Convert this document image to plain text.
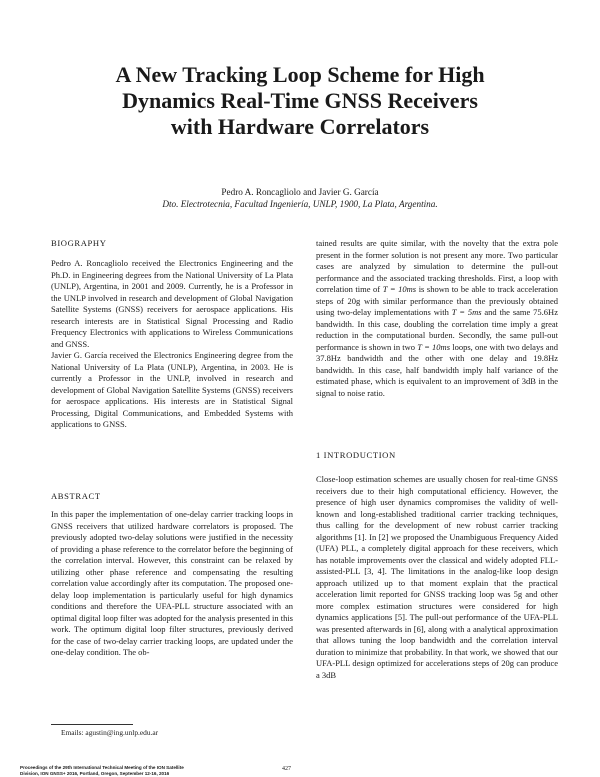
A New Tracking Loop Scheme for High
Dynamics Real-Time GNSS Receivers
with Hardware Correlators
Pedro A. Roncagliolo and Javier G. García
Dto. Electrotecnia, Facultad Ingeniería, UNLP, 1900, La Plata, Argentina.
BIOGRAPHY

Pedro A. Roncagliolo received the Electronics Engineering and the Ph.D. in Engineering degrees from the National University of La Plata (UNLP), Argentina, in 2001 and 2009. Currently, he is a Professor in the UNLP involved in research and development of Global Navigation Satellite Systems (GNSS) receivers for aerospace applications. His research interests are in Statistical Signal Processing and Radio Frequency Electronics with applications to Wireless Communications and GNSS.

Javier G. García received the Electronics Engineering degree from the National University of La Plata (UNLP), Argentina, in 2003. He is currently a Professor in the UNLP, involved in research and development of Global Navigation Satellite Systems (GNSS) receivers for aerospace applications. His interests are in Statistical Signal Processing, Digital Communications, and Embedded Systems with applications to GNSS.

ABSTRACT

In this paper the implementation of one-delay carrier tracking loops in GNSS receivers that utilized hardware correlators is proposed. The previously adopted two-delay solutions were justified in the necessity of providing a phase reference to the correlator before the beginning of the correlation interval. However, this constraint can be relaxed by utilizing other phase reference and compensating the resulting correlation value accordingly after its computation. The proposed one-delay loop implementation is particularly useful for high dynamics conditions and therefore the UFA-PLL structure associated with an optimal digital loop filter was adopted for the analysis presented in this work. The optimum digital loop filter structures, previously derived for the case of two-delay carrier tracking loops, are updated under the one-delay condition. The ob-

Emails: agustin@ing.unlp.edu.ar

tained results are quite similar, with the novelty that the extra pole present in the former solution is not present any more. Two particular cases are analyzed by simulation to determine the pull-out performance and the associated tracking thresholds. First, a loop with correlation time of T = 10ms is shown to be able to track acceleration steps of 20g with similar performance than the previously obtained using two-delay implementations with T = 5ms and the same 75.6Hz bandwidth. In this case, doubling the correlation time imply a great reduction in the computational burden. Secondly, the same pull-out performance is shown in two T = 10ms loops, one with two delays and 37.8Hz bandwidth and the other with one delay and 19.8Hz bandwidth. In this case, half bandwidth imply half variance of the estimated phase, which is equivalent to an improvement of 3dB in the signal to noise ratio.

1 INTRODUCTION

Close-loop estimation schemes are usually chosen for real-time GNSS receivers due to their high computational efficiency. However, the presence of high user dynamics compromises the validity of well-known and long-established traditional carrier tracking techniques, thus calling for the development of new robust carrier tracking algorithms [1]. In [2] we proposed the Unambiguous Frequency Aided (UFA) PLL, a completely digital approach for these receivers, which has notable improvements over the classical and widely adopted FLL-assisted-PLL [3, 4]. The limitations in the analog-like loop design approach utilized up to that moment explain that the practical acceleration limit reported for GNSS tracking loop was 5g and other more complex estimation structures were considered for high dynamics applications [5]. The pull-out performance of the UFA-PLL was presented afterwards in [6], along with a analytical approximation that allows tuning the loop bandwidth and the correlation interval duration to minimize that probability. In that work, we showed that our UFA-PLL design optimized for accelerations steps of 20g can produce a 3dB

Proceedings of the 29th International Technical Meeting of the ION Satellite
Division, ION GNSS+ 2016, Portland, Oregon, September 12-16, 2016
427
